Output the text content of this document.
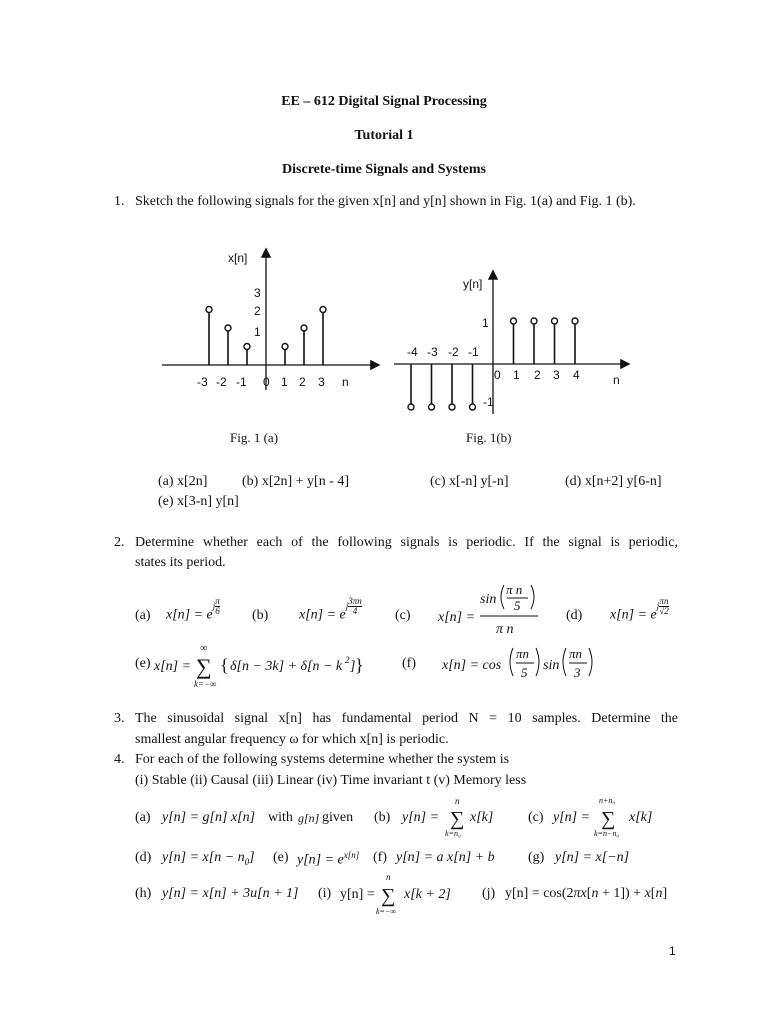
EE – 612 Digital Signal Processing
Tutorial 1
Discrete-time Signals and Systems
1. Sketch the following signals for the given x[n] and y[n] shown in Fig. 1(a) and Fig. 1 (b).
x[n]
3
2
1
-3 -2 -1 0 1 2 3 n
Fig. 1 (a)
y[n]
1
-1
-4 -3 -2 -1
0 1 2 3 4	n
Fig. 1(b)
(a) x[2n] (b) x[2n] + y[n - 4]	(c) x[-n] y[-n]	(d) x[n+2] y[6-n]
(e) x[3-n] y[n]
2. Determine whether each of the following signals is periodic. If the signal is periodic,
states its period.
(a) $x[n] = e^{j \frac{\pi}{6}}$ (b) $x[n] = e^{j \frac{3\pi n}{4}}$ (c) x[n] =
sin
π n
5
π n
(d) $x[n] = e^{j \frac{\pi n}{√2}}$
(e) x[n] =
∞
∑
k=−∞
{ δ[n − 3k] + δ[n − k 2 ] }	(f) x[n] = cos
πn
5 sin
πn
3
3. The sinusoidal signal x[n] has fundamental period N = 10 samples. Determine the
smallest angular frequency ω for which x[n] is periodic.
4. For each of the following systems determine whether the system is
(i) Stable (ii) Causal (iii) Linear (iv) Time invariant t (v) Memory less
(a) y[n] = g[n] x[n] with g[n] given (b) y[n] =
n
∑
k=n₀
x[k] (c) y[n] =
n+n₀
∑
k=n−n₀
x[k]
(d) $y[n] = x[n - n_0]$ (e) $y[n] = e^{x[n]}$ (f) y[n] = a x[n] + b (g) y[n] = x[−n]
(h) y[n] = x[n] + 3u[n + 1] (i) y[n] =
n
∑
k=−∞
x[k + 2] (j) y[n] = cos(2πx[n + 1]) + x[n]
1
